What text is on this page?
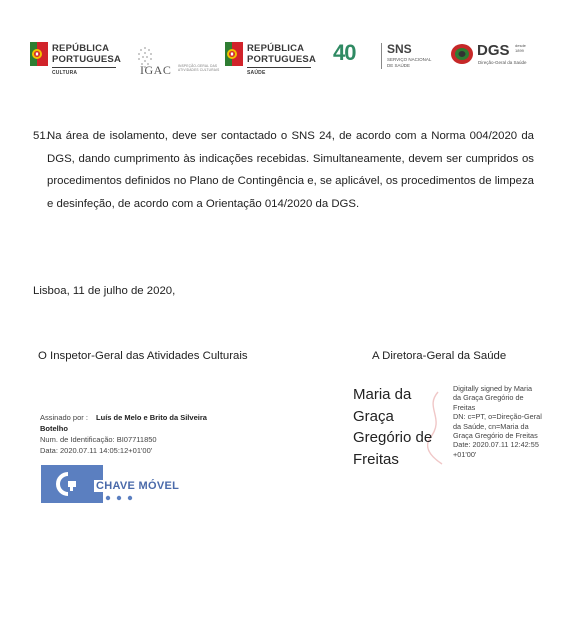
REPÚBLICA
PORTUGUESA
CULTURA	IGAC INSPEÇÃO-GERAL DAS ATIVIDADES CULTURAIS
REPÚBLICA
PORTUGUESA
SAÚDE
40	SNS
SERVIÇO NACIONAL
DE SAÚDE
DGS desde
1899
Direção-Geral da Saúde
51.
Na área de isolamento, deve ser contactado o SNS 24, de acordo com a Norma 004/2020 da DGS, dando cumprimento às indicações recebidas. Simultaneamente, devem ser cumpridos os procedimentos definidos no Plano de Contingência e, se aplicável, os procedimentos de limpeza e desinfeção, de acordo com a Orientação 014/2020 da DGS.
Lisboa, 11 de julho de 2020,
O Inspetor-Geral das Atividades Culturais	A Diretora-Geral da Saúde
Assinado por : Luís de Melo e Brito da Silveira
Botelho
Num. de Identificação: BI07711850
Data: 2020.07.11 14:05:12+01'00'
CHAVE MÓVEL
Maria da
Graça
Gregório de
Freitas
Digitally signed by Maria
da Graça Gregório de
Freitas
DN: c=PT, o=Direção-Geral
da Saúde, cn=Maria da
Graça Gregório de Freitas
Date: 2020.07.11 12:42:55
+01'00'
